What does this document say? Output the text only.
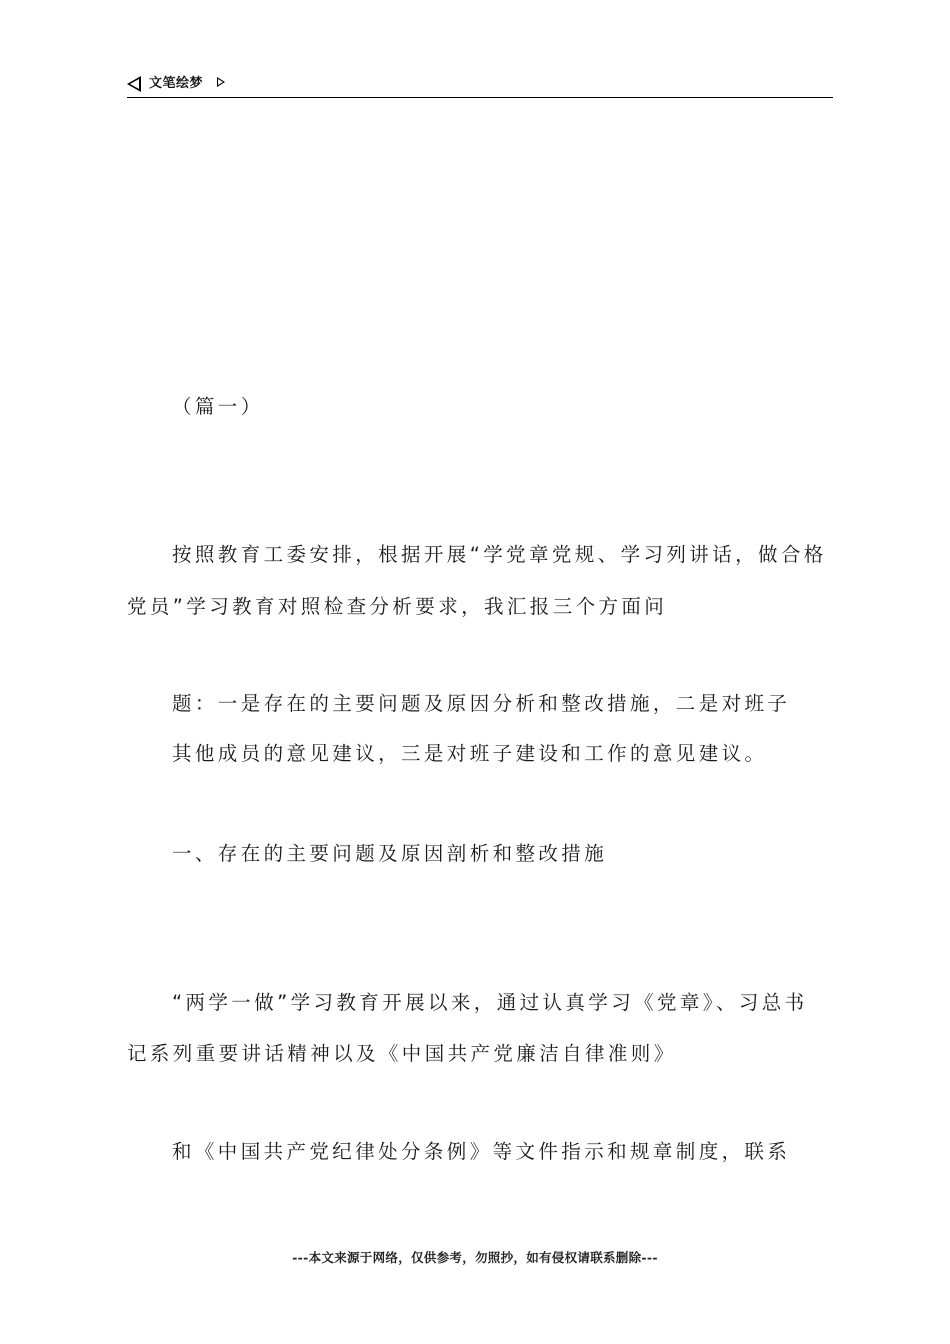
文笔绘梦
（篇一）
按照教育工委安排，根据开展“学党章党规、学习列讲话，做合格
党员”学习教育对照检查分析要求，我汇报三个方面问
题：一是存在的主要问题及原因分析和整改措施，二是对班子
其他成员的意见建议，三是对班子建设和工作的意见建议。
一、存在的主要问题及原因剖析和整改措施
“两学一做”学习教育开展以来，通过认真学习《党章》、习总书
记系列重要讲话精神以及《中国共产党廉洁自律准则》
和《中国共产党纪律处分条例》等文件指示和规章制度，联系
---本文来源于网络，仅供参考，勿照抄，如有侵权请联系删除---
